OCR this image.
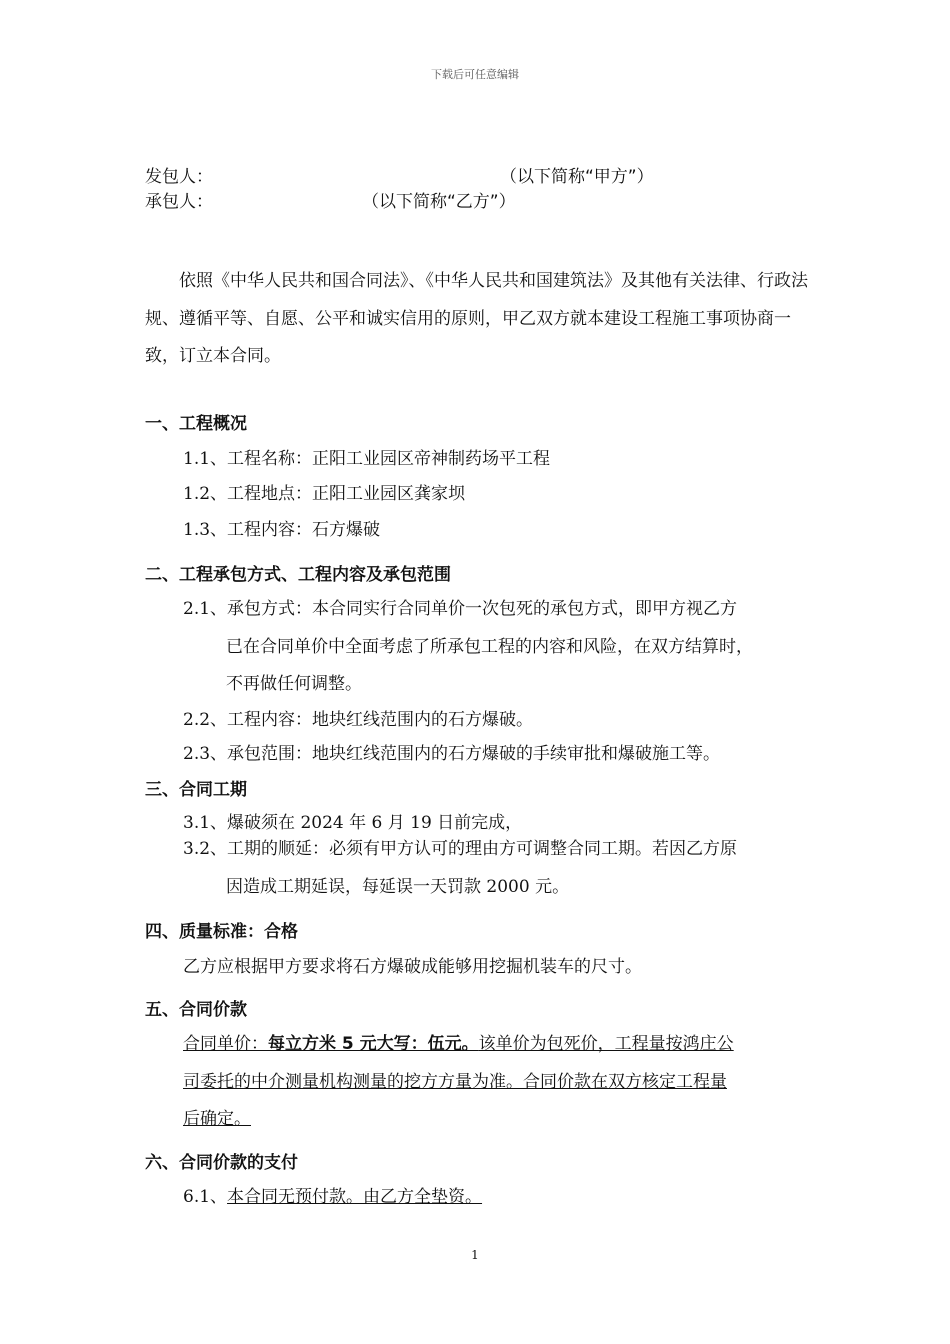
下载后可任意编辑
发包人：	（以下简称“甲方”）
承包人：	（以下简称“乙方”）
依照《中华人民共和国合同法》、《中华人民共和国建筑法》及其他有关法律、行政法规、遵循平等、自愿、公平和诚实信用的原则，甲乙双方就本建设工程施工事项协商一致，订立本合同。
一、工程概况
1.1、工程名称：正阳工业园区帝神制药场平工程
1.2、工程地点：正阳工业园区龚家坝
1.3、工程内容：石方爆破
二、工程承包方式、工程内容及承包范围
2.1、承包方式：本合同实行合同单价一次包死的承包方式，即甲方视乙方
已在合同单价中全面考虑了所承包工程的内容和风险，在双方结算时，
不再做任何调整。
2.2、工程内容：地块红线范围内的石方爆破。
2.3、承包范围：地块红线范围内的石方爆破的手续审批和爆破施工等。
三、合同工期
3.1、爆破须在 2024 年 6 月 19 日前完成，
3.2、工期的顺延：必须有甲方认可的理由方可调整合同工期。若因乙方原
因造成工期延误，每延误一天罚款 2000 元。
四、质量标准：合格
乙方应根据甲方要求将石方爆破成能够用挖掘机装车的尺寸。
五、合同价款
合同单价：每立方米 5 元大写：伍元。该单价为包死价，工程量按鸿庄公
司委托的中介测量机构测量的挖方方量为准。合同价款在双方核定工程量
后确定。
六、合同价款的支付
6.1、本合同无预付款。由乙方全垫资。
1
